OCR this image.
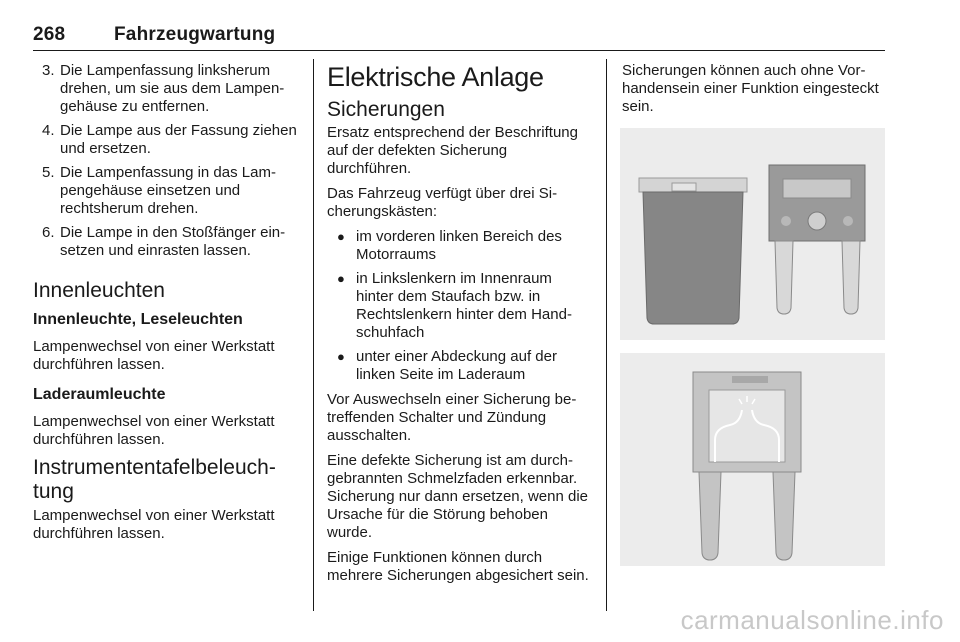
268	Fahrzeugwartung
3. Die Lampenfassung linksherum drehen, um sie aus dem Lampengehäuse zu entfernen.
4. Die Lampe aus der Fassung ziehen und ersetzen.
5. Die Lampenfassung in das Lampengehäuse einsetzen und rechtsherum drehen.
6. Die Lampe in den Stoßfänger einsetzen und einrasten lassen.
Innenleuchten
Innenleuchte, Leseleuchten

Lampenwechsel von einer Werkstatt durchführen lassen.

Laderaumleuchte

Lampenwechsel von einer Werkstatt durchführen lassen.

Instrumententafelbeleuchtung

Lampenwechsel von einer Werkstatt durchführen lassen.

Elektrische Anlage
Sicherungen

Ersatz entsprechend der Beschriftung auf der defekten Sicherung durchführen.

Das Fahrzeug verfügt über drei Sicherungskästen:

● im vorderen linken Bereich des Motorraums
● in Linkslenkern im Innenraum hinter dem Staufach bzw. in Rechtslenkern hinter dem Handschuhfach
● unter einer Abdeckung auf der linken Seite im Laderaum

Vor Auswechseln einer Sicherung betreffenden Schalter und Zündung ausschalten.

Eine defekte Sicherung ist am durchgebrannten Schmelzfaden erkennbar. Sicherung nur dann ersetzen, wenn die Ursache für die Störung behoben wurde.

Einige Funktionen können durch mehrere Sicherungen abgesichert sein.

Sicherungen können auch ohne Vorhandensein einer Funktion eingesteckt sein.

carmanualsonline.info
